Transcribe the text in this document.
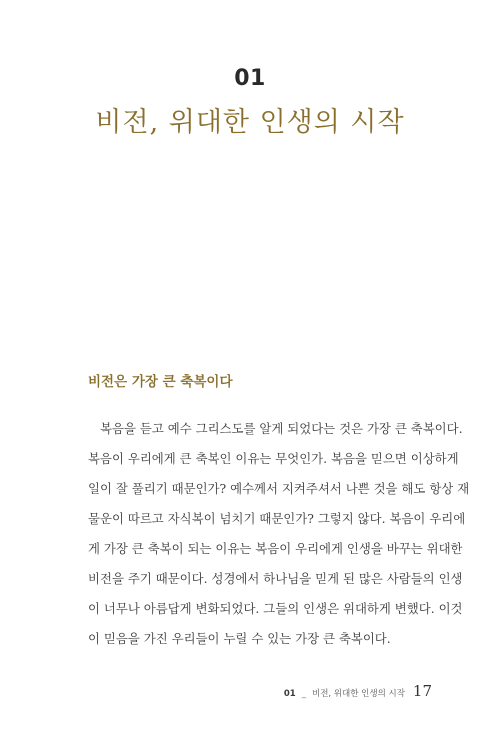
01
비전, 위대한 인생의 시작
비전은 가장 큰 축복이다

복음을 듣고 예수 그리스도를 알게 되었다는 것은 가장 큰 축복이다.
복음이 우리에게 큰 축복인 이유는 무엇인가. 복음을 믿으면 이상하게
일이 잘 풀리기 때문인가? 예수께서 지켜주셔서 나쁜 것을 해도 항상 재
물운이 따르고 자식복이 넘치기 때문인가? 그렇지 않다. 복음이 우리에
게 가장 큰 축복이 되는 이유는 복음이 우리에게 인생을 바꾸는 위대한
비전을 주기 때문이다. 성경에서 하나님을 믿게 된 많은 사람들의 인생
이 너무나 아름답게 변화되었다. 그들의 인생은 위대하게 변했다. 이것
이 믿음을 가진 우리들이 누릴 수 있는 가장 큰 축복이다.

01 _ 비전, 위대한 인생의 시작 17
